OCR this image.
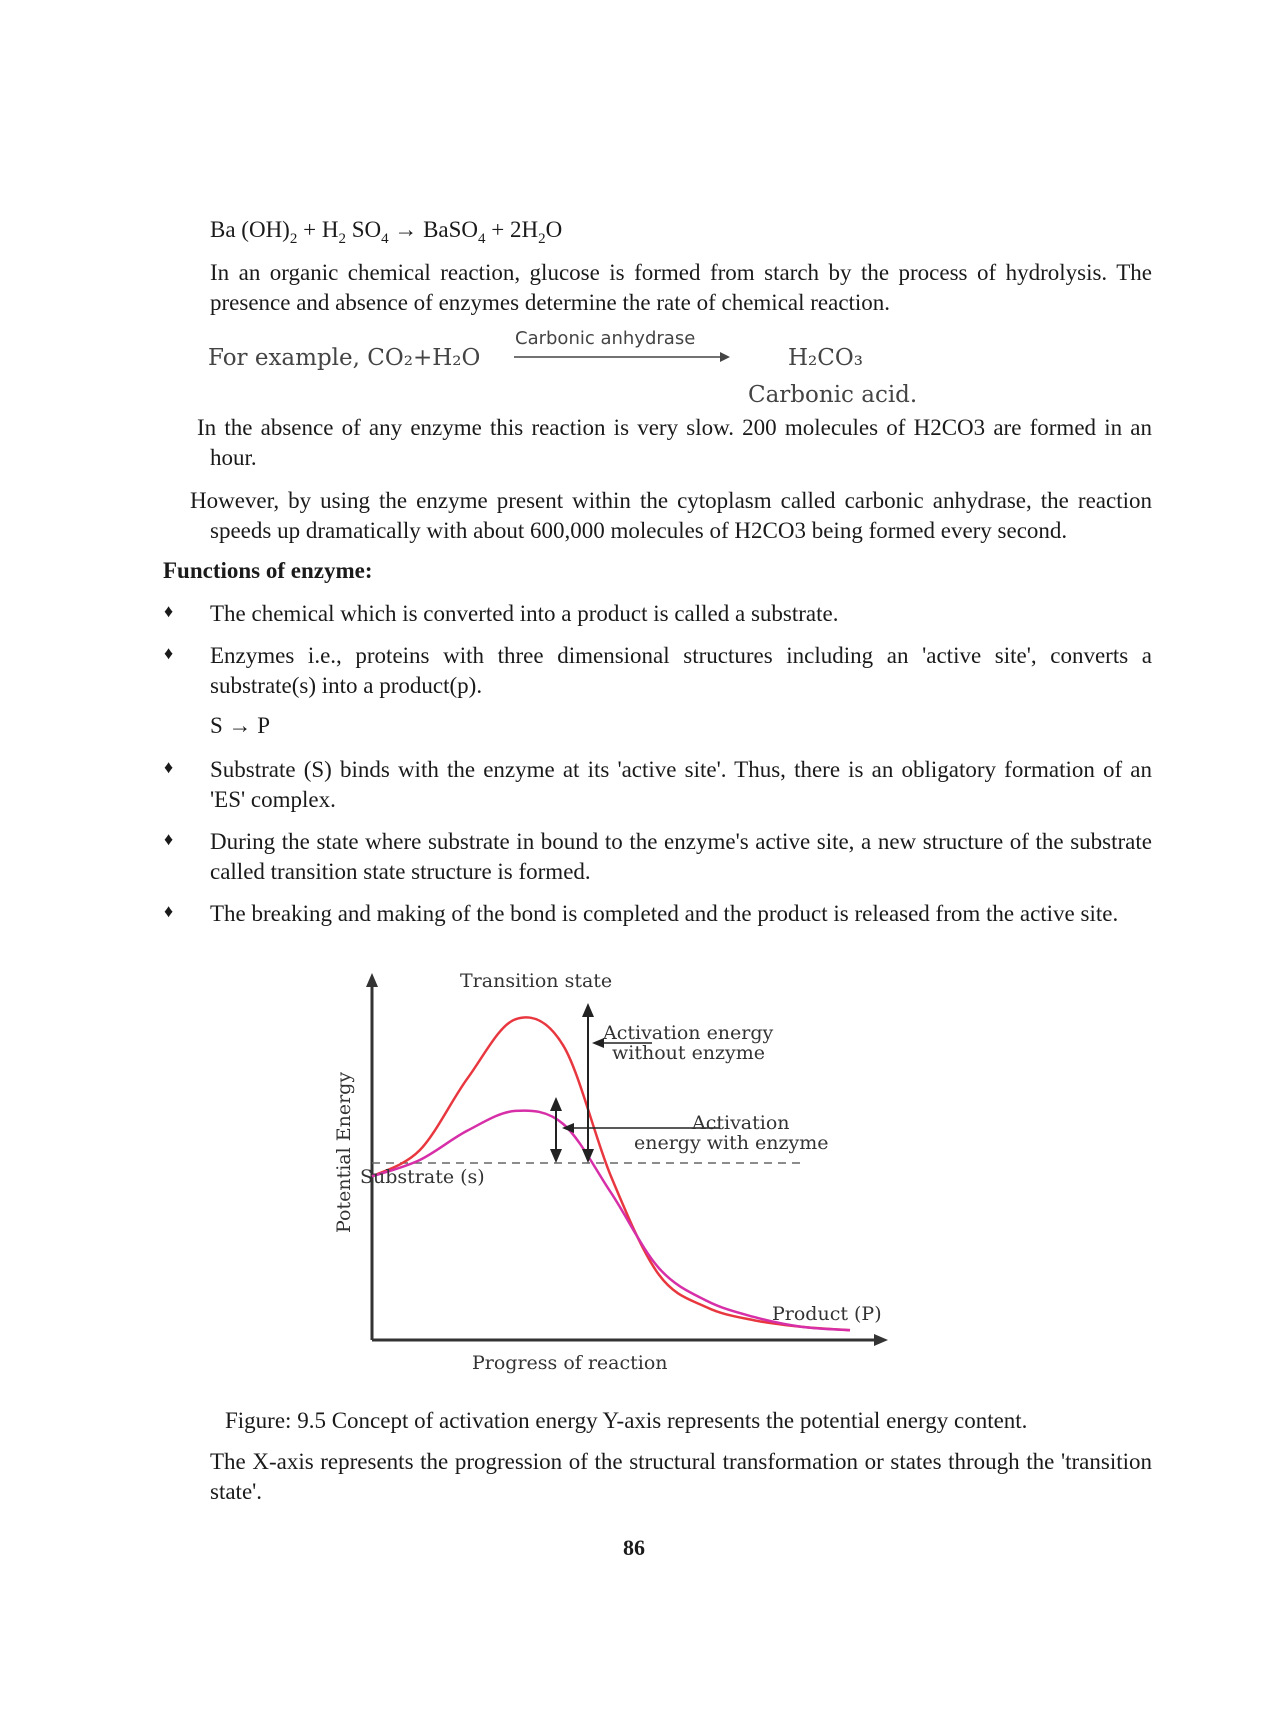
Ba $(OH)_2 + H_2$ $SO_4$ → BaSO$_4$ + $2H_2O$
In an organic chemical reaction, glucose is formed from starch by the process of hydrolysis. The presence and absence of enzymes determine the rate of chemical reaction.
For example, CO₂+H₂O
Carbonic anhydrase
H₂CO₃
Carbonic acid.
In the absence of any enzyme this reaction is very slow. 200 molecules of H2CO3 are formed in an hour.
However, by using the enzyme present within the cytoplasm called carbonic anhydrase, the reaction speeds up dramatically with about 600,000 molecules of H2CO3 being formed every second.
Functions of enzyme:
♦ The chemical which is converted into a product is called a substrate.
♦ Enzymes i.e., proteins with three dimensional structures including an 'active site', converts a substrate(s) into a product(p).
S → P
♦ Substrate (S) binds with the enzyme at its 'active site'. Thus, there is an obligatory formation of an 'ES' complex.
♦ During the state where substrate in bound to the enzyme's active site, a new structure of the substrate called transition state structure is formed.
♦ The breaking and making of the bond is completed and the product is released from the active site.
Transition state
Activation energy
without enzyme
Activation
energy with enzyme
Substrate (s)
Product (P)
Progress of reaction
Potential Energy
Figure: 9.5 Concept of activation energy Y-axis represents the potential energy content.
The X-axis represents the progression of the structural transformation or states through the 'transition state'.
86
